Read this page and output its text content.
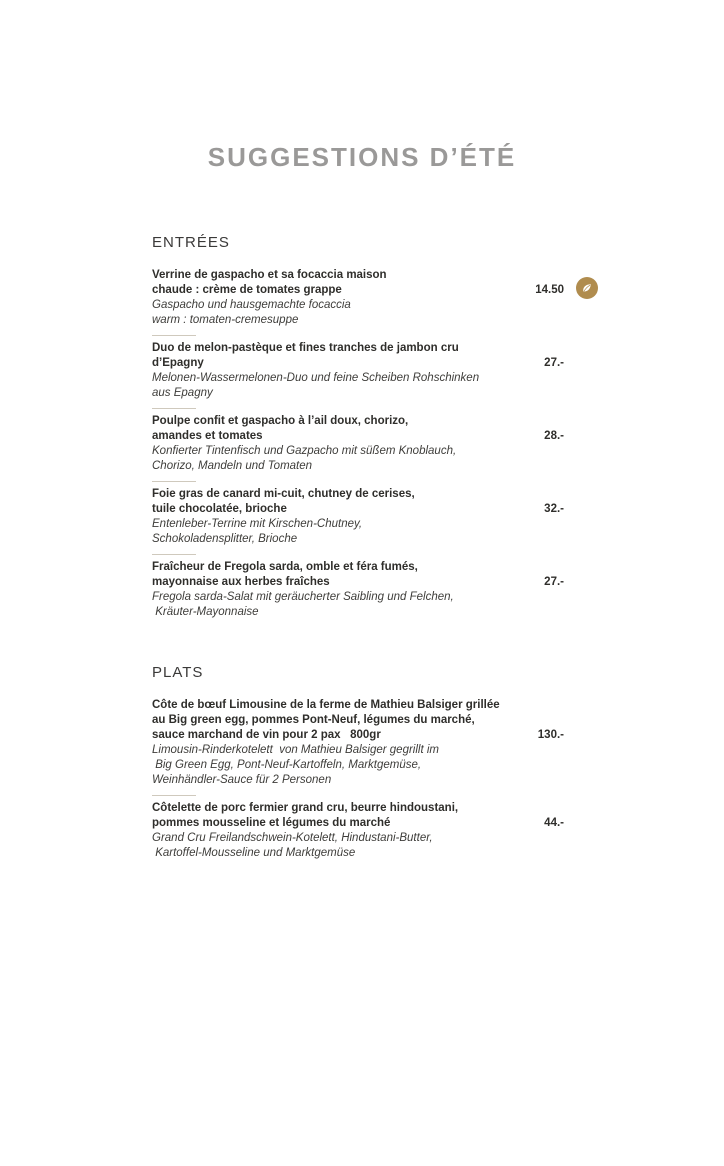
SUGGESTIONS D’ÉTÉ
ENTRÉES
Verrine de gaspacho et sa focaccia maison
chaude : crème de tomates grappe
Gaspacho und hausgemachte focaccia
warm : tomaten-cremesuppe
14.50
Duo de melon-pastèque et fines tranches de jambon cru
d’Epagny
Melonen-Wassermelonen-Duo und feine Scheiben Rohschinken
aus Epagny
27.-
Poulpe confit et gaspacho à l’ail doux, chorizo,
amandes et tomates
Konfierter Tintenfisch und Gazpacho mit süßem Knoblauch,
Chorizo, Mandeln und Tomaten
28.-
Foie gras de canard mi-cuit, chutney de cerises,
tuile chocolatée, brioche
Entenleber-Terrine mit Kirschen-Chutney,
Schokoladensplitter, Brioche
32.-
Fraîcheur de Fregola sarda, omble et féra fumés,
mayonnaise aux herbes fraîches
Fregola sarda-Salat mit geräucherter Saibling und Felchen,
Kräuter-Mayonnaise
27.-
PLATS
Côte de bœuf Limousine de la ferme de Mathieu Balsiger grillée
au Big green egg, pommes Pont-Neuf, légumes du marché,
sauce marchand de vin pour 2 pax   800gr
Limousin-Rinderkotelett  von Mathieu Balsiger gegrillt im
Big Green Egg, Pont-Neuf-Kartoffeln, Marktgemüse,
Weinhändler-Sauce für 2 Personen
130.-
Côtelette de porc fermier grand cru, beurre hindoustani,
pommes mousseline et légumes du marché
Grand Cru Freilandschwein-Kotelett, Hindustani-Butter,
Kartoffel-Mousseline und Marktgemüse
44.-
